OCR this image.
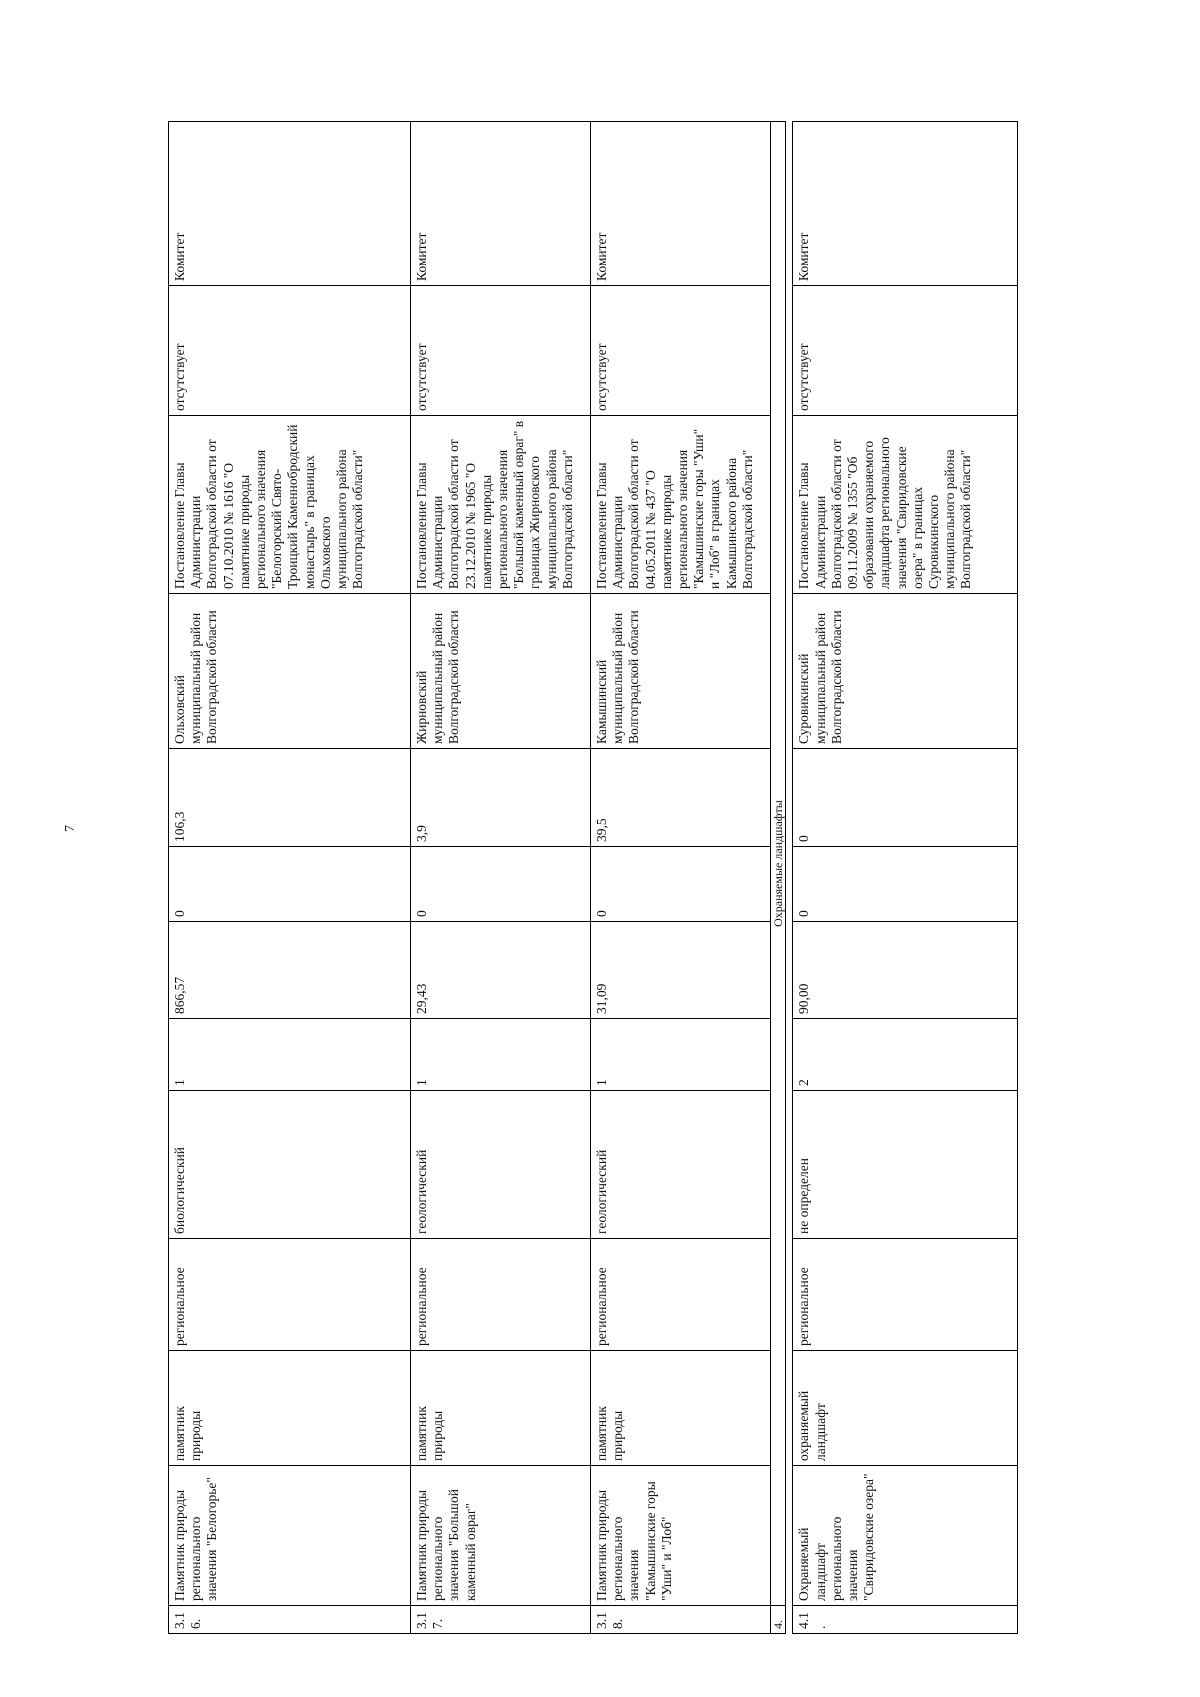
7
3.16.	Памятник природы регионального значения "Белогорье"	памятник природы	региональное	биологический	1	866,57	0	106,3	Ольховский муниципальный район Волгоградской области	Постановление Главы Администрации Волгоградской области от 07.10.2010 № 1616 "О памятнике природы регионального значения "Белогорский Свято-Троицкий Каменнобродский монастырь" в границах Ольховского муниципального района Волгоградской области"	отсутствует	Комитет
3.17.	Памятник природы регионального значения "Большой каменный овраг"	памятник природы	региональное	геологический	1	29,43	0	3,9	Жирновский муниципальный район Волгоградской области	Постановление Главы Администрации Волгоградской области от 23.12.2010 № 1965 "О памятнике природы регионального значения "Большой каменный овраг" в границах Жирновского муниципального района Волгоградской области"	отсутствует	Комитет
3.18.	Памятник природы регионального значения "Камышинские горы "Уши" и "Лоб"	памятник природы	региональное	геологический	1	31,09	0	39,5	Камышинский муниципальный район Волгоградской области	Постановление Главы Администрации Волгоградской области от 04.05.2011 № 437 "О памятнике природы регионального значения "Камышинские горы "Уши" и "Лоб" в границах Камышинского района Волгоградской области"	отсутствует	Комитет
4.	Охраняемые ландшафты											

4.1.	Охраняемый ландшафт регионального значения "Свиридовские озера"	охраняемый ландшафт	региональное	не определен	2	90,00	0	0	Суровикинский муниципальный район Волгоградской области	Постановление Главы Администрации Волгоградской области от 09.11.2009 № 1355 "Об образовании охраняемого ландшафта регионального значения "Свиридовские озера" в границах Суровикинского муниципального района Волгоградской области"	отсутствует	Комитет
